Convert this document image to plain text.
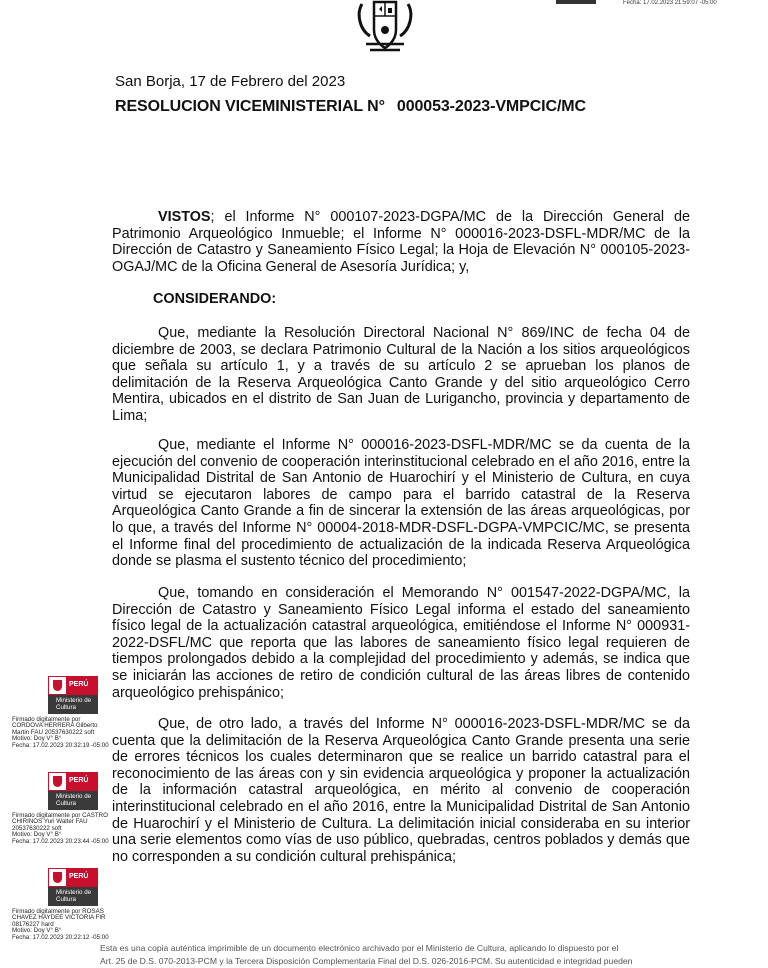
Fecha: 17.02.2023 21:59:07 -05:00
San Borja, 17 de Febrero del 2023
RESOLUCION VICEMINISTERIAL N° 000053-2023-VMPCIC/MC

VISTOS; el Informe N° 000107-2023-DGPA/MC de la Dirección General de Patrimonio Arqueológico Inmueble; el Informe N° 000016-2023-DSFL-MDR/MC de la Dirección de Catastro y Saneamiento Físico Legal; la Hoja de Elevación N° 000105-2023-OGAJ/MC de la Oficina General de Asesoría Jurídica; y,

CONSIDERANDO:

Que, mediante la Resolución Directoral Nacional N° 869/INC de fecha 04 de diciembre de 2003, se declara Patrimonio Cultural de la Nación a los sitios arqueológicos que señala su artículo 1, y a través de su artículo 2 se aprueban los planos de delimitación de la Reserva Arqueológica Canto Grande y del sitio arqueológico Cerro Mentira, ubicados en el distrito de San Juan de Lurigancho, provincia y departamento de Lima;

Que, mediante el Informe N° 000016-2023-DSFL-MDR/MC se da cuenta de la ejecución del convenio de cooperación interinstitucional celebrado en el año 2016, entre la Municipalidad Distrital de San Antonio de Huarochirí y el Ministerio de Cultura, en cuya virtud se ejecutaron labores de campo para el barrido catastral de la Reserva Arqueológica Canto Grande a fin de sincerar la extensión de las áreas arqueológicas, por lo que, a través del Informe N° 00004-2018-MDR-DSFL-DGPA-VMPCIC/MC, se presenta el Informe final del procedimiento de actualización de la indicada Reserva Arqueológica donde se plasma el sustento técnico del procedimiento;

Que, tomando en consideración el Memorando N° 001547-2022-DGPA/MC, la Dirección de Catastro y Saneamiento Físico Legal informa el estado del saneamiento físico legal de la actualización catastral arqueológica, emitiéndose el Informe N° 000931-2022-DSFL/MC que reporta que las labores de saneamiento físico legal requieren de tiempos prolongados debido a la complejidad del procedimiento y además, se indica que se iniciarán las acciones de retiro de condición cultural de las áreas libres de contenido arqueológico prehispánico;

Que, de otro lado, a través del Informe N° 000016-2023-DSFL-MDR/MC se da cuenta que la delimitación de la Reserva Arqueológica Canto Grande presenta una serie de errores técnicos los cuales determinaron que se realice un barrido catastral para el reconocimiento de las áreas con y sin evidencia arqueológica y proponer la actualización de la información catastral arqueológica, en mérito al convenio de cooperación interinstitucional celebrado en el año 2016, entre la Municipalidad Distrital de San Antonio de Huarochirí y el Ministerio de Cultura. La delimitación inicial consideraba en su interior una serie elementos como vías de uso público, quebradas, centros poblados y demás que no corresponden a su condición cultural prehispánica;

PERÚ
Ministerio de Cultura
Firmado digitalmente por
CORDOVA HERRERA Gilberto
Martin FAU 20537630222 soft
Motivo: Doy V° B°
Fecha: 17.02.2023 20:32:19 -05:00
PERÚ
Ministerio de Cultura
Firmado digitalmente por CASTRO
CHIRINOS Yuri Walter FAU
20537630222 soft
Motivo: Doy V° B°
Fecha: 17.02.2023 20:23:44 -05:00
PERÚ
Ministerio de Cultura
Firmado digitalmente por ROSAS
CHAVEZ HAYDEE VICTORIA FIR
08176227 hard
Motivo: Doy V° B°
Fecha: 17.02.2023 20:22:12 -05:00
Esta es una copia auténtica imprimible de un documento electrónico archivado por el Ministerio de Cultura, aplicando lo dispuesto por el
Art. 25 de D.S. 070-2013-PCM y la Tercera Disposición Complementaria Final del D.S. 026-2016-PCM. Su autenticidad e integridad pueden
